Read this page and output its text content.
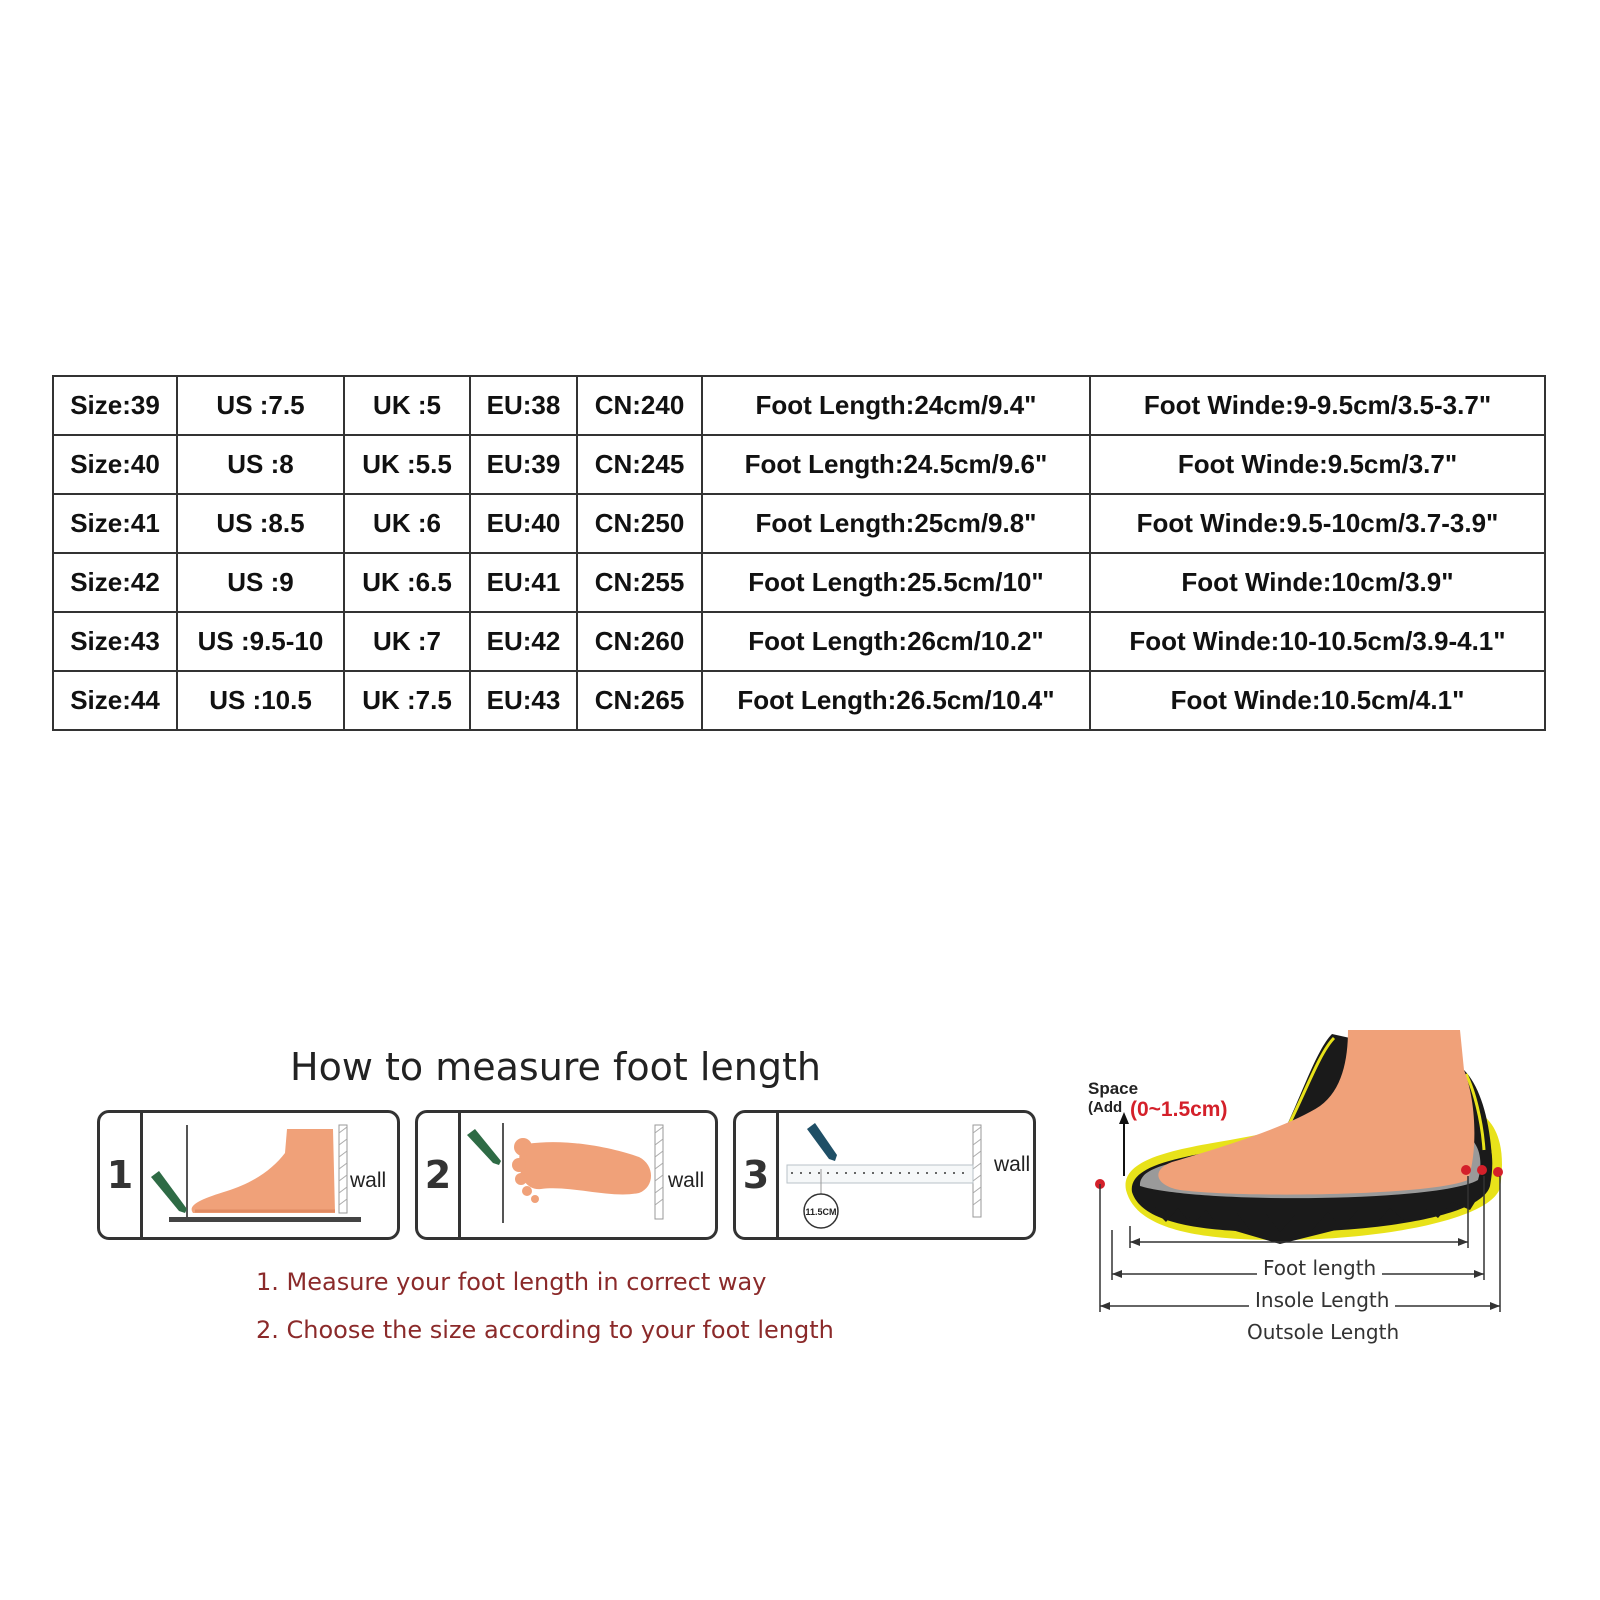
Size:39	US :7.5	UK :5	EU:38	CN:240	Foot Length:24cm/9.4"	Foot Winde:9-9.5cm/3.5-3.7"
Size:40	US :8	UK :5.5	EU:39	CN:245	Foot Length:24.5cm/9.6"	Foot Winde:9.5cm/3.7"
Size:41	US :8.5	UK :6	EU:40	CN:250	Foot Length:25cm/9.8"	Foot Winde:9.5-10cm/3.7-3.9"
Size:42	US :9	UK :6.5	EU:41	CN:255	Foot Length:25.5cm/10"	Foot Winde:10cm/3.9"
Size:43	US :9.5-10	UK :7	EU:42	CN:260	Foot Length:26cm/10.2"	Foot Winde:10-10.5cm/3.9-4.1"
Size:44	US :10.5	UK :7.5	EU:43	CN:265	Foot Length:26.5cm/10.4"	Foot Winde:10.5cm/4.1"
How to measure foot length
1	wall 2	wall 3
11.5CM
wall
1. Measure your foot length in correct way
2. Choose the size according to your foot length
Space
(Add (0~1.5cm)
Foot length
Insole Length
Outsole Length
